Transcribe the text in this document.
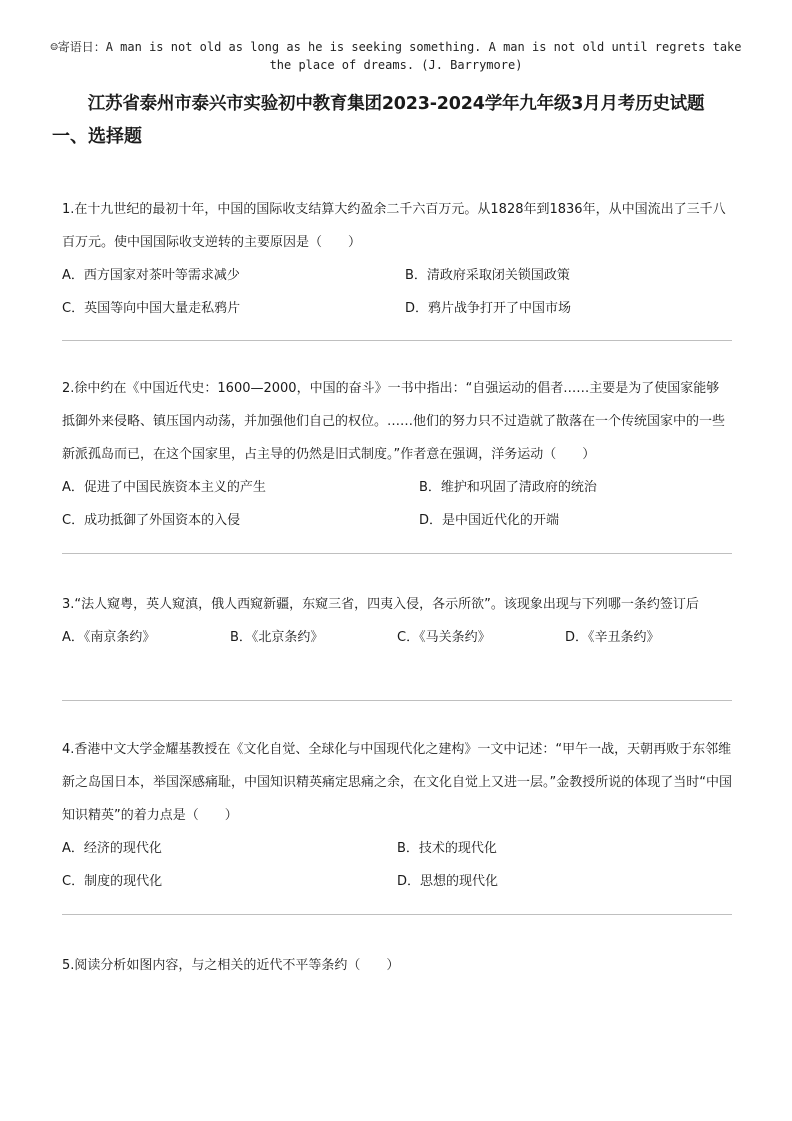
☺寄语日：A man is not old as long as he is seeking something. A man is not old until regrets take the place of dreams. (J. Barrymore)
江苏省泰州市泰兴市实验初中教育集团2023-2024学年九年级3月月考历史试题
一、选择题

1.在十九世纪的最初十年，中国的国际收支结算大约盈余二千六百万元。从1828年到1836年，从中国流出了三千八百万元。使中国国际收支逆转的主要原因是（　　）

A．西方国家对茶叶等需求减少	B．清政府采取闭关锁国政策
C．英国等向中国大量走私鸦片	D．鸦片战争打开了中国市场

2.徐中约在《中国近代史：1600—2000，中国的奋斗》一书中指出：“自强运动的倡者……主要是为了使国家能够抵御外来侵略、镇压国内动荡，并加强他们自己的权位。……他们的努力只不过造就了散落在一个传统国家中的一些新派孤岛而已，在这个国家里，占主导的仍然是旧式制度。”作者意在强调，洋务运动（　　）

A．促进了中国民族资本主义的产生	B．维护和巩固了清政府的统治
C．成功抵御了外国资本的入侵	D．是中国近代化的开端

3.“法人窥粤，英人窥滇，俄人西窥新疆，东窥三省，四夷入侵，各示所欲”。该现象出现与下列哪一条约签订后

A．《南京条约》	B．《北京条约》	C．《马关条约》	D．《辛丑条约》

4.香港中文大学金耀基教授在《文化自觉、全球化与中国现代化之建构》一文中记述：“甲午一战，天朝再败于东邻维新之岛国日本，举国深感痛耻，中国知识精英痛定思痛之余，在文化自觉上又进一层。”金教授所说的体现了当时“中国知识精英”的着力点是（　　）

A．经济的现代化	B．技术的现代化
C．制度的现代化	D．思想的现代化

5.阅读分析如图内容，与之相关的近代不平等条约（　　）
